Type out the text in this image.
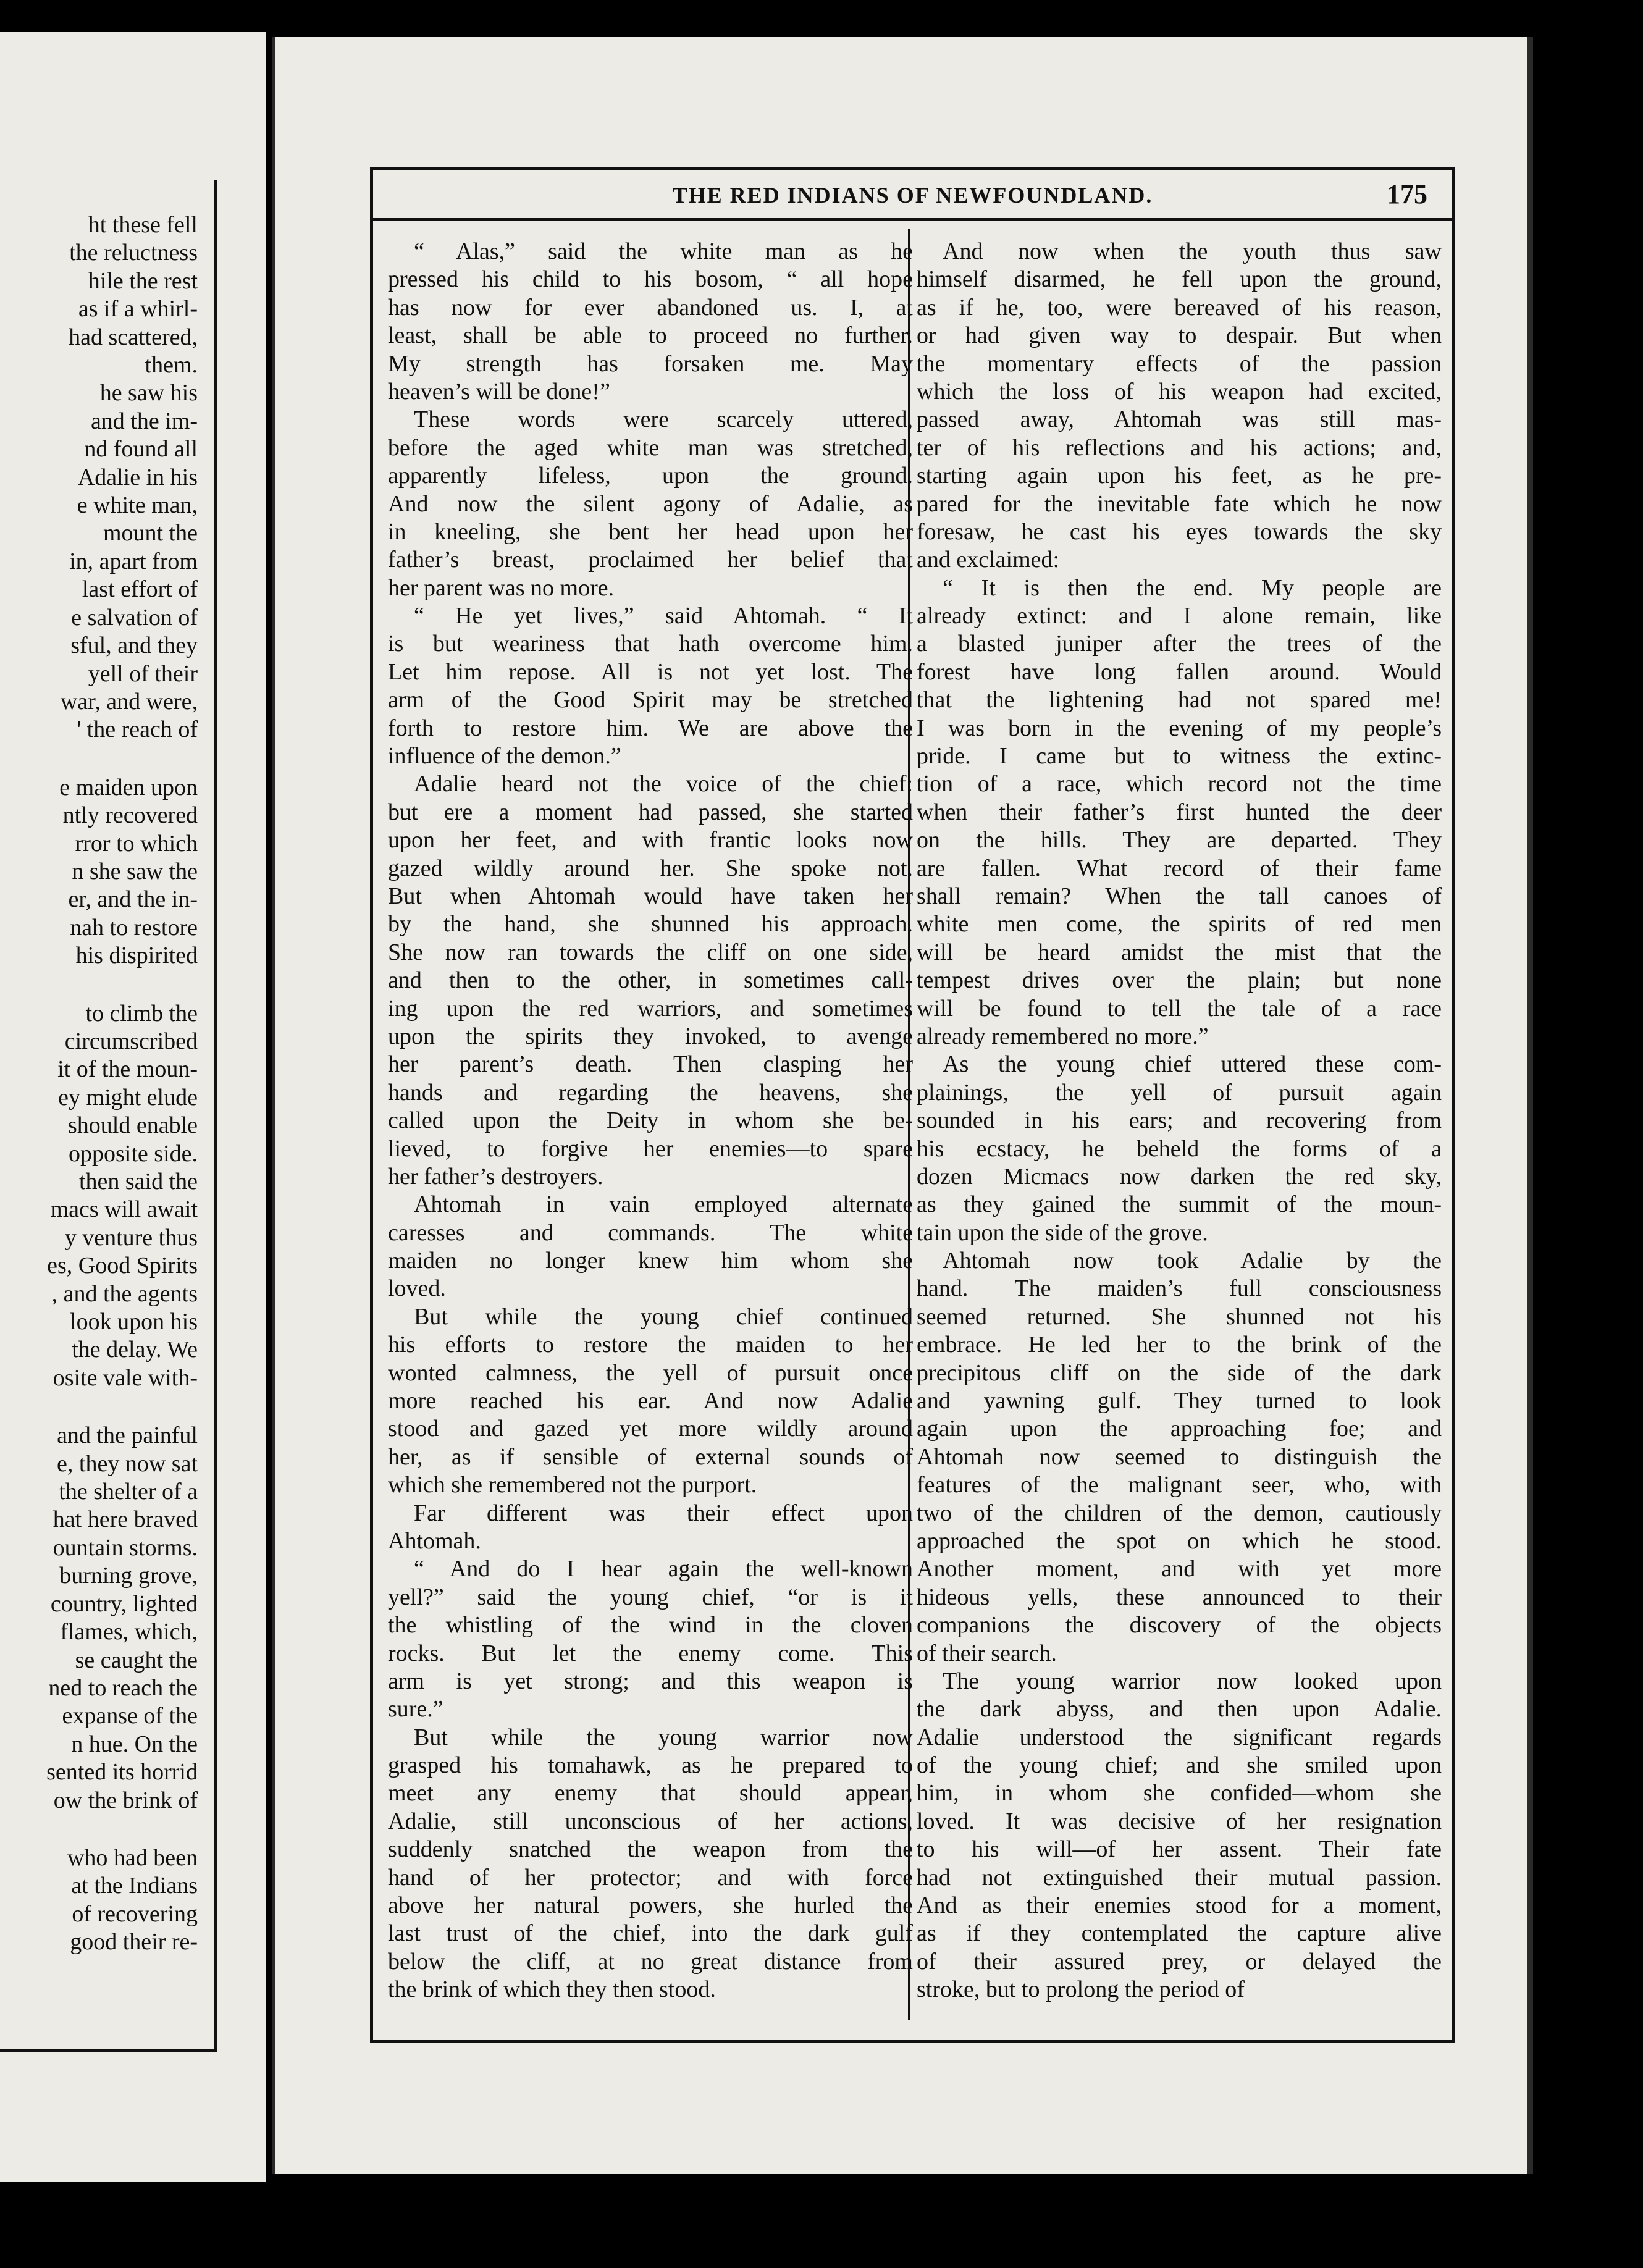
ht these fell
the reluctness
hile the rest
as if a whirl-
had scattered,
them.
he saw his
and the im-
nd found all
Adalie in his
e white man,
mount the
in, apart from
last effort of
e salvation of
sful, and they
yell of their
war, and were,
' the reach of
e maiden upon
ntly recovered
rror to which
n she saw the
er, and the in-
nah to restore
his dispirited
to climb the
circumscribed
it of the moun-
ey might elude
should enable
opposite side.
then said the
macs will await
y venture thus
es, Good Spirits
, and the agents
look upon his
the delay. We
osite vale with-
and the painful
e, they now sat
the shelter of a
hat here braved
ountain storms.
burning grove,
country, lighted
flames, which,
se caught the
ned to reach the
expanse of the
n hue. On the
sented its horrid
ow the brink of
who had been
at the Indians
of recovering
good their re-
THE RED INDIANS OF NEWFOUNDLAND.	175
“ Alas,” said the white man as he
pressed his child to his bosom, “ all hope
has now for ever abandoned us. I, at
least, shall be able to proceed no further.
My strength has forsaken me. May
heaven’s will be done!”
These words were scarcely uttered,
before the aged white man was stretched,
apparently lifeless, upon the ground.
And now the silent agony of Adalie, as
in kneeling, she bent her head upon her
father’s breast, proclaimed her belief that
her parent was no more.
“ He yet lives,” said Ahtomah. “ It
is but weariness that hath overcome him.
Let him repose. All is not yet lost. The
arm of the Good Spirit may be stretched
forth to restore him. We are above the
influence of the demon.”
Adalie heard not the voice of the chief:
but ere a moment had passed, she started
upon her feet, and with frantic looks now
gazed wildly around her. She spoke not.
But when Ahtomah would have taken her
by the hand, she shunned his approach.
She now ran towards the cliff on one side,
and then to the other, in sometimes call-
ing upon the red warriors, and sometimes
upon the spirits they invoked, to avenge
her parent’s death. Then clasping her
hands and regarding the heavens, she
called upon the Deity in whom she be-
lieved, to forgive her enemies—to spare
her father’s destroyers.
Ahtomah in vain employed alternate
caresses and commands. The white
maiden no longer knew him whom she
loved.
But while the young chief continued
his efforts to restore the maiden to her
wonted calmness, the yell of pursuit once
more reached his ear. And now Adalie
stood and gazed yet more wildly around
her, as if sensible of external sounds of
which she remembered not the purport.
Far different was their effect upon
Ahtomah.
“ And do I hear again the well-known
yell?” said the young chief, “or is it
the whistling of the wind in the cloven
rocks. But let the enemy come. This
arm is yet strong; and this weapon is
sure.”
But while the young warrior now
grasped his tomahawk, as he prepared to
meet any enemy that should appear,
Adalie, still unconscious of her actions,
suddenly snatched the weapon from the
hand of her protector; and with force
above her natural powers, she hurled the
last trust of the chief, into the dark gulf
below the cliff, at no great distance from
the brink of which they then stood.
And now when the youth thus saw
himself disarmed, he fell upon the ground,
as if he, too, were bereaved of his reason,
or had given way to despair. But when
the momentary effects of the passion
which the loss of his weapon had excited,
passed away, Ahtomah was still mas-
ter of his reflections and his actions; and,
starting again upon his feet, as he pre-
pared for the inevitable fate which he now
foresaw, he cast his eyes towards the sky
and exclaimed:
“ It is then the end. My people are
already extinct: and I alone remain, like
a blasted juniper after the trees of the
forest have long fallen around. Would
that the lightening had not spared me!
I was born in the evening of my people’s
pride. I came but to witness the extinc-
tion of a race, which record not the time
when their father’s first hunted the deer
on the hills. They are departed. They
are fallen. What record of their fame
shall remain? When the tall canoes of
white men come, the spirits of red men
will be heard amidst the mist that the
tempest drives over the plain; but none
will be found to tell the tale of a race
already remembered no more.”
As the young chief uttered these com-
plainings, the yell of pursuit again
sounded in his ears; and recovering from
his ecstacy, he beheld the forms of a
dozen Micmacs now darken the red sky,
as they gained the summit of the moun-
tain upon the side of the grove.
Ahtomah now took Adalie by the
hand. The maiden’s full consciousness
seemed returned. She shunned not his
embrace. He led her to the brink of the
precipitous cliff on the side of the dark
and yawning gulf. They turned to look
again upon the approaching foe; and
Ahtomah now seemed to distinguish the
features of the malignant seer, who, with
two of the children of the demon, cautiously
approached the spot on which he stood.
Another moment, and with yet more
hideous yells, these announced to their
companions the discovery of the objects
of their search.
The young warrior now looked upon
the dark abyss, and then upon Adalie.
Adalie understood the significant regards
of the young chief; and she smiled upon
him, in whom she confided—whom she
loved. It was decisive of her resignation
to his will—of her assent. Their fate
had not extinguished their mutual passion.
And as their enemies stood for a moment,
as if they contemplated the capture alive
of their assured prey, or delayed the
stroke, but to prolong the period of
